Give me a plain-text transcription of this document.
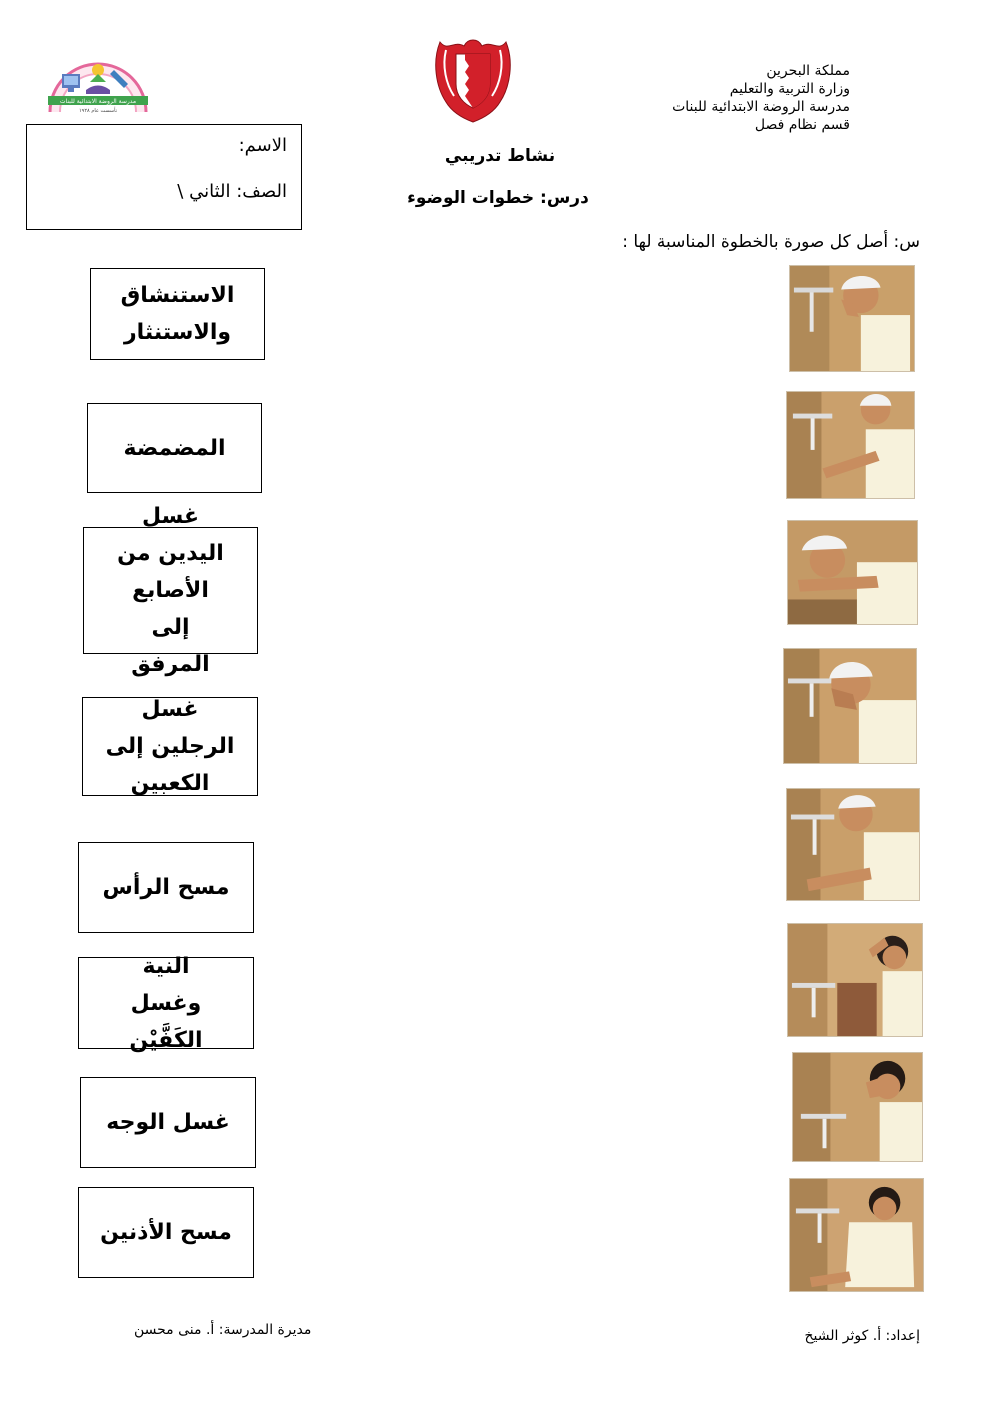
مملكة البحرين
وزارة التربية والتعليم
مدرسة الروضة الابتدائية للبنات
قسم نظام فصل
مدرسة الروضة الابتدائية للبنات
تأسست عام ١٩٢٨
الاسم:
الصف: الثاني \
نشاط تدريبي
درس: خطوات الوضوء
س: أصل كل صورة بالخطوة المناسبة لها :
الاستنشاق والاستنثار
المضمضة
غسل اليدين من الأصابع إلى المرفق
غسل الرجلين إلى الكعبين
مسح الرأس
النية وغسل الكَفَّيْن
غسل الوجه
مسح الأذنين
إعداد: أ. كوثر الشيخ
مديرة المدرسة: أ. منى محسن
